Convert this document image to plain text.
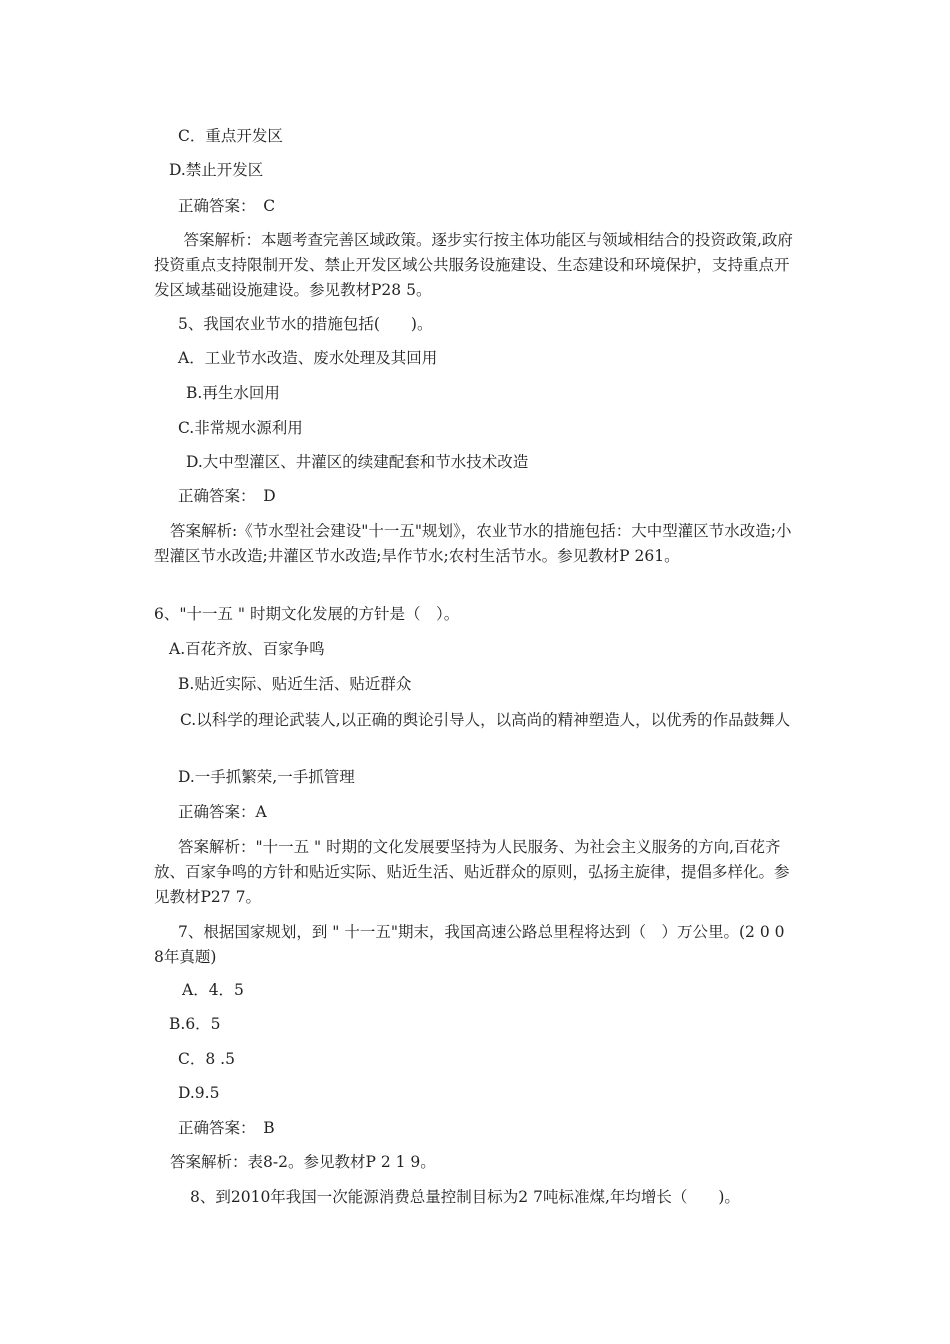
C．重点开发区
D.禁止开发区
正确答案：　C
　答案解析：本题考查完善区域政策。逐步实行按主体功能区与领域相结合的投资政策,政府投资重点支持限制开发、禁止开发区域公共服务设施建设、生态建设和环境保护，支持重点开发区域基础设施建设。参见教材P28 5。
5、我国农业节水的措施包括(　　)。
A．工业节水改造、废水处理及其回用
B.再生水回用
C.非常规水源利用
D.大中型灌区、井灌区的续建配套和节水技术改造
正确答案：　D
答案解析:《节水型社会建设"十一五"规划》，农业节水的措施包括：大中型灌区节水改造;小型灌区节水改造;井灌区节水改造;旱作节水;农村生活节水。参见教材P 261。
6、"十一五 " 时期文化发展的方针是（　）。
A.百花齐放、百家争鸣
B.贴近实际、贴近生活、贴近群众
C.以科学的理论武装人,以正确的舆论引导人，以高尚的精神塑造人，以优秀的作品鼓舞人
D.一手抓繁荣,一手抓管理
正确答案：A
答案解析："十一五 " 时期的文化发展要坚持为人民服务、为社会主义服务的方向,百花齐放、百家争鸣的方针和贴近实际、贴近生活、贴近群众的原则，弘扬主旋律，提倡多样化。参见教材P27 7。
7、根据国家规划，到 " 十一五"期末，我国高速公路总里程将达到（　）万公里。(2 0 0 8年真题)
A．4．5
B.6．5
C．8 .5
D.9.5
正确答案：　B
答案解析：表8-2。参见教材P 2 1 9。
8、到2010年我国一次能源消费总量控制目标为2 7吨标准煤,年均增长（　　)。
